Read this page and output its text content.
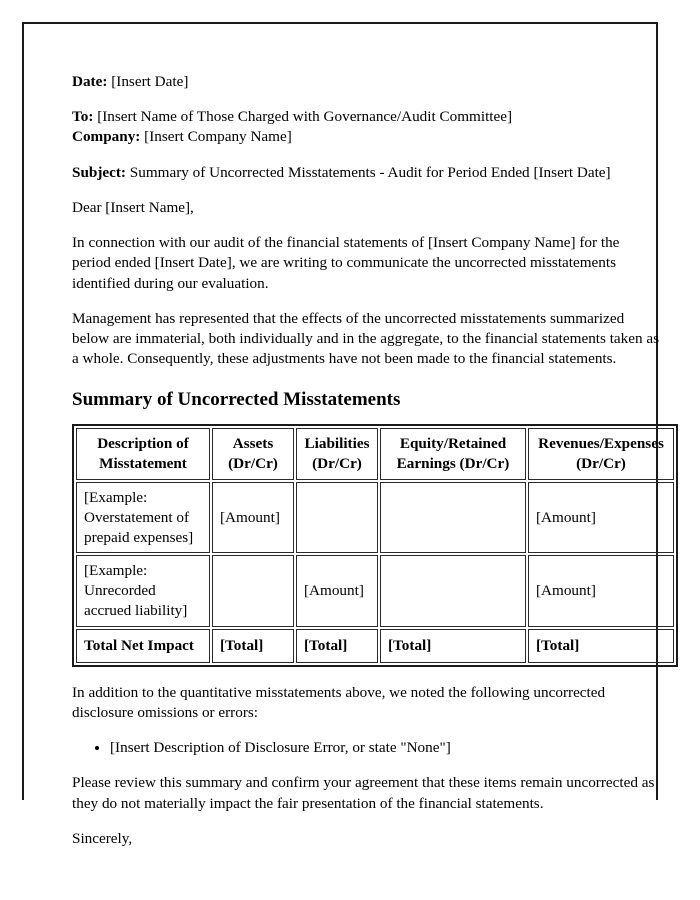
Date: [Insert Date]

To: [Insert Name of Those Charged with Governance/Audit Committee]

Company: [Insert Company Name]

Subject: Summary of Uncorrected Misstatements - Audit for Period Ended [Insert Date]

Dear [Insert Name],

In connection with our audit of the financial statements of [Insert Company Name] for the period ended [Insert Date], we are writing to communicate the uncorrected misstatements identified during our evaluation.

Management has represented that the effects of the uncorrected misstatements summarized below are immaterial, both individually and in the aggregate, to the financial statements taken as a whole. Consequently, these adjustments have not been made to the financial statements.

Summary of Uncorrected Misstatements
Description of Misstatement	Assets (Dr/Cr)	Liabilities (Dr/Cr)	Equity/Retained Earnings (Dr/Cr)	Revenues/Expenses (Dr/Cr)
[Example: Overstatement of prepaid expenses]	[Amount]			[Amount]
[Example: Unrecorded accrued liability]		[Amount]		[Amount]
Total Net Impact	[Total]	[Total]	[Total]	[Total]

In addition to the quantitative misstatements above, we noted the following uncorrected disclosure omissions or errors:

• [Insert Description of Disclosure Error, or state "None"]

Please review this summary and confirm your agreement that these items remain uncorrected as they do not materially impact the fair presentation of the financial statements.

Sincerely,
